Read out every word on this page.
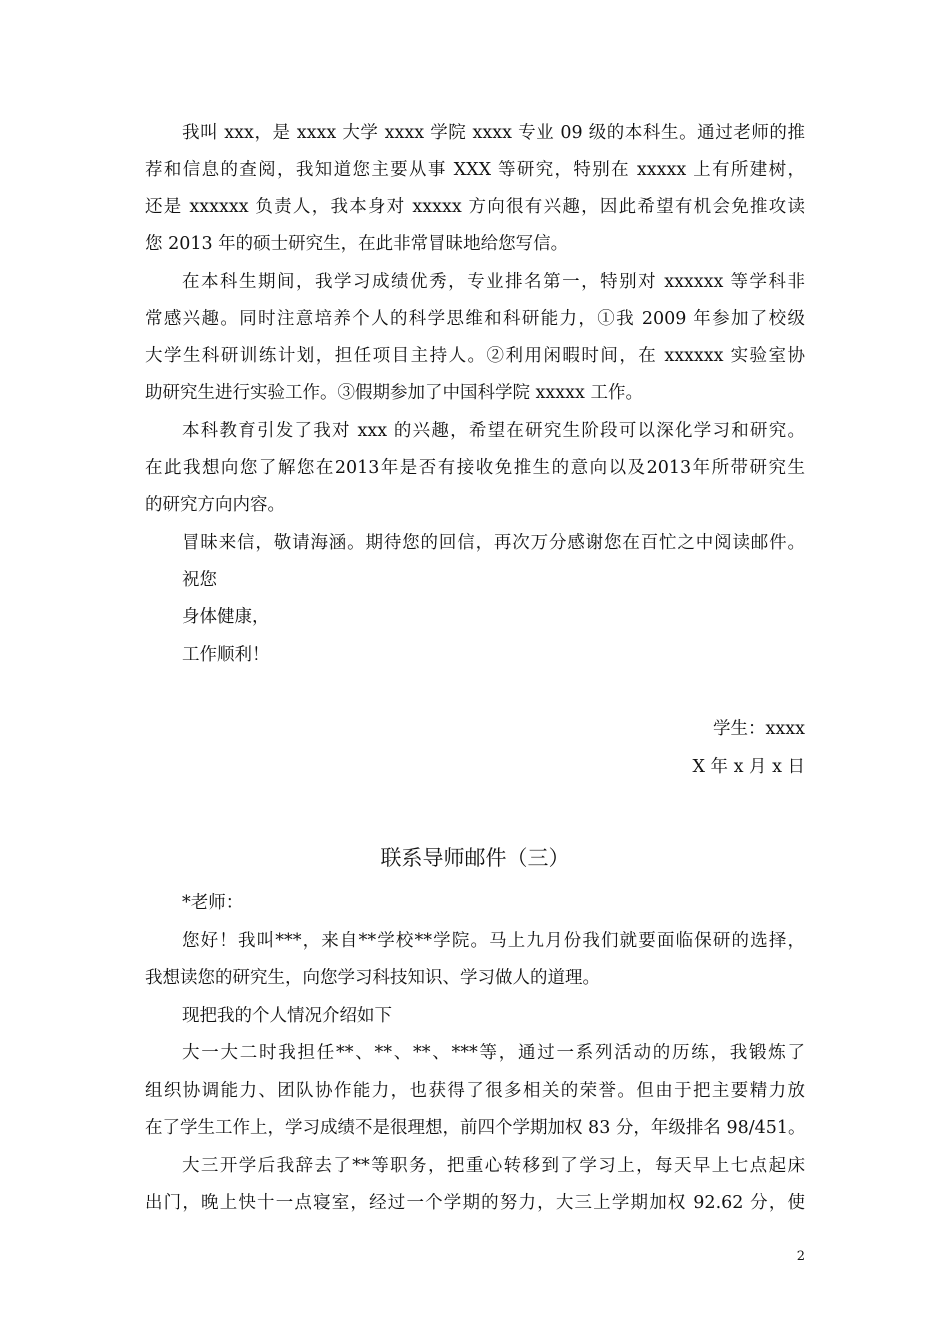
我叫 xxx，是 xxxx 大学 xxxx 学院 xxxx 专业 09 级的本科生。通过老师的推
荐和信息的查阅，我知道您主要从事 XXX 等研究，特别在 xxxxx 上有所建树，
还是 xxxxxx 负责人，我本身对 xxxxx 方向很有兴趣，因此希望有机会免推攻读
您 2013 年的硕士研究生，在此非常冒昧地给您写信。
在本科生期间，我学习成绩优秀，专业排名第一，特别对 xxxxxx 等学科非
常感兴趣。同时注意培养个人的科学思维和科研能力，①我 2009 年参加了校级
大学生科研训练计划，担任项目主持人。②利用闲暇时间，在 xxxxxx 实验室协
助研究生进行实验工作。③假期参加了中国科学院 xxxxx 工作。
本科教育引发了我对 xxx 的兴趣，希望在研究生阶段可以深化学习和研究。
在此我想向您了解您在2013年是否有接收免推生的意向以及2013年所带研究生
的研究方向内容。
冒昧来信，敬请海涵。期待您的回信，再次万分感谢您在百忙之中阅读邮件。
祝您
身体健康，
工作顺利！
学生：xxxx
X 年 x 月 x 日
联系导师邮件（三）
*老师：
您好！我叫***，来自**学校**学院。马上九月份我们就要面临保研的选择，
我想读您的研究生，向您学习科技知识、学习做人的道理。
现把我的个人情况介绍如下
大一大二时我担任**、**、**、***等，通过一系列活动的历练，我锻炼了
组织协调能力、团队协作能力，也获得了很多相关的荣誉。但由于把主要精力放
在了学生工作上，学习成绩不是很理想，前四个学期加权 83 分，年级排名 98/451。
大三开学后我辞去了**等职务，把重心转移到了学习上，每天早上七点起床
出门，晚上快十一点寝室，经过一个学期的努力，大三上学期加权 92.62 分，使
2
